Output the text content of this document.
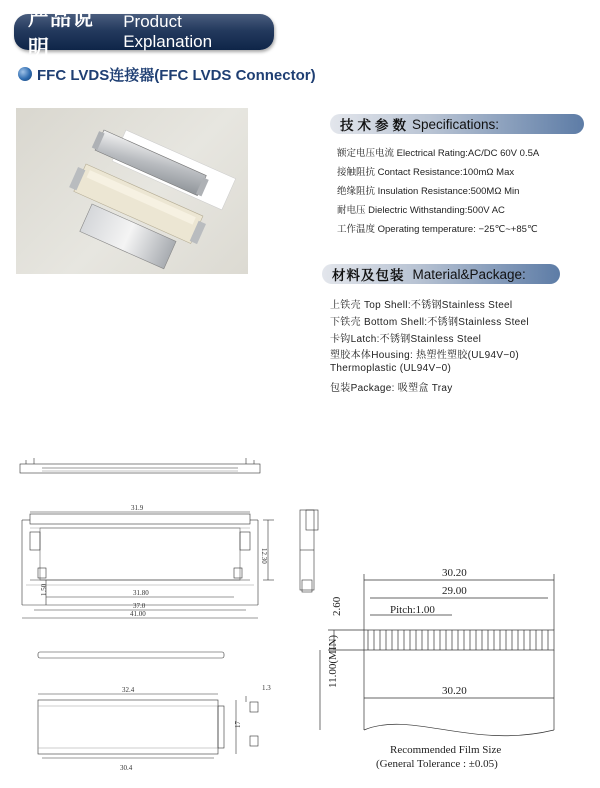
产品说明
Product Explanation
FFC LVDS连接器(FFC LVDS Connector)
技术参数 Specifications:
额定电压电流 Electrical Rating:AC/DC 60V 0.5A
接触阻抗 Contact Resistance:100mΩ Max
绝缘阻抗 Insulation Resistance:500MΩ Min
耐电压 Dielectric Withstanding:500V AC
工作温度 Operating temperature: −25℃~+85℃
材料及包装 Material&Package:
上铁壳 Top Shell:不锈钢Stainless Steel
下铁壳 Bottom Shell:不锈钢Stainless Steel
卡钩Latch:不锈钢Stainless Steel
塑胶本体Housing: 热塑性塑胶(UL94V−0)
Thermoplastic (UL94V−0)
包装Package: 吸塑盒 Tray
31.9
31.80
37.0
41.00
12.30
1.50
32.4
30.4
1.3
17
30.20
29.00
Pitch:1.00
30.20
2.60
11.00(MIN)
Recommended Film Size
(General Tolerance : ±0.05)
